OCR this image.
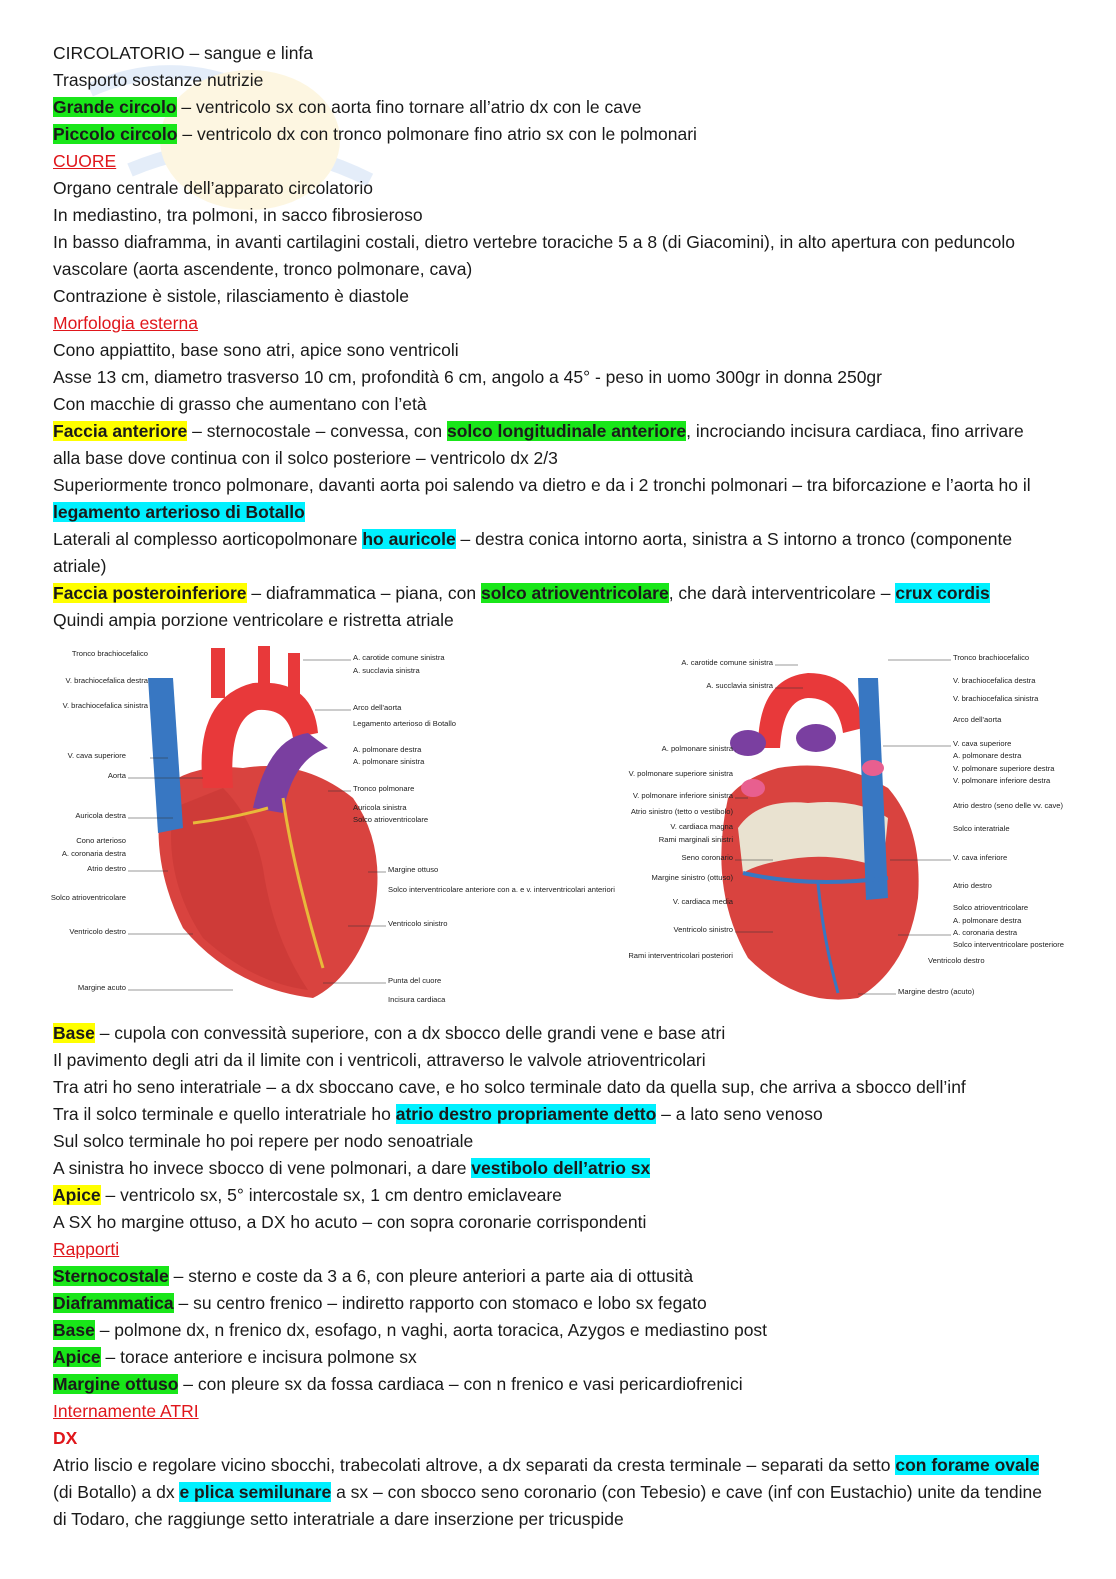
CIRCOLATORIO – sangue e linfa
Trasporto sostanze nutrizie
Grande circolo – ventricolo sx con aorta fino tornare all’atrio dx con le cave
Piccolo circolo – ventricolo dx con tronco polmonare fino atrio sx con le polmonari
CUORE
Organo centrale dell’apparato circolatorio
In mediastino, tra polmoni, in sacco fibrosieroso
In basso diaframma, in avanti cartilagini costali, dietro vertebre toraciche 5 a 8 (di Giacomini), in alto apertura con peduncolo vascolare (aorta ascendente, tronco polmonare, cava)
Contrazione è sistole, rilasciamento è diastole
Morfologia esterna
Cono appiattito, base sono atri, apice sono ventricoli
Asse 13 cm, diametro trasverso 10 cm, profondità 6 cm, angolo a 45° - peso in uomo 300gr in donna 250gr
Con macchie di grasso che aumentano con l’età
Faccia anteriore – sternocostale – convessa, con solco longitudinale anteriore, incrociando incisura cardiaca, fino arrivare alla base dove continua con il solco posteriore – ventricolo dx 2/3
Superiormente tronco polmonare, davanti aorta poi salendo va dietro e da i 2 tronchi polmonari – tra biforcazione e l’aorta ho il legamento arterioso di Botallo
Laterali al complesso aorticopolmonare ho auricole – destra conica intorno aorta, sinistra a S intorno a tronco (componente atriale)
Faccia posteroinferiore – diaframmatica – piana, con solco atrioventricolare, che darà interventricolare – crux cordis
Quindi ampia porzione ventricolare e ristretta atriale
Tronco brachiocefalico
V. brachiocefalica destra
V. brachiocefalica sinistra
V. cava superiore
Aorta
Auricola destra
Cono arterioso
A. coronaria destra
Atrio destro
Solco atrioventricolare
Ventricolo destro
Margine acuto
A. carotide comune sinistra
A. succlavia sinistra
Arco dell'aorta
Legamento arterioso di Botallo
A. polmonare destra
A. polmonare sinistra
Tronco polmonare
Auricola sinistra
Solco atrioventricolare
Margine ottuso
Solco interventricolare anteriore con a. e v. interventricolari anteriori
Ventricolo sinistro
Punta del cuore
Incisura cardiaca
A. carotide comune sinistra
A. succlavia sinistra
A. polmonare sinistra
V. polmonare superiore sinistra
V. polmonare inferiore sinistra
Atrio sinistro (tetto o vestibolo)
V. cardiaca magna
Rami marginali sinistri
Seno coronario
Margine sinistro (ottuso)
V. cardiaca media
Ventricolo sinistro
Rami interventricolari posteriori
Tronco brachiocefalico
V. brachiocefalica destra
V. brachiocefalica sinistra
Arco dell'aorta
V. cava superiore
A. polmonare destra
V. polmonare superiore destra
V. polmonare inferiore destra
Atrio destro (seno delle vv. cave)
Solco interatriale
V. cava inferiore
Atrio destro
Solco atrioventricolare
A. polmonare destra
A. coronaria destra
Solco interventricolare posteriore
Ventricolo destro
Margine destro (acuto)
Base – cupola con convessità superiore, con a dx sbocco delle grandi vene e base atri
Il pavimento degli atri da il limite con i ventricoli, attraverso le valvole atrioventricolari
Tra atri ho seno interatriale – a dx sboccano cave, e ho solco terminale dato da quella sup, che arriva a sbocco dell’inf
Tra il solco terminale e quello interatriale ho atrio destro propriamente detto – a lato seno venoso
Sul solco terminale ho poi repere per nodo senoatriale
A sinistra ho invece sbocco di vene polmonari, a dare vestibolo dell’atrio sx
Apice – ventricolo sx, 5° intercostale sx, 1 cm dentro emiclaveare
A SX ho margine ottuso, a DX ho acuto – con sopra coronarie corrispondenti
Rapporti
Sternocostale – sterno e coste da 3 a 6, con pleure anteriori a parte aia di ottusità
Diaframmatica – su centro frenico – indiretto rapporto con stomaco e lobo sx fegato
Base – polmone dx, n frenico dx, esofago, n vaghi, aorta toracica, Azygos e mediastino post
Apice – torace anteriore e incisura polmone sx
Margine ottuso – con pleure sx da fossa cardiaca – con n frenico e vasi pericardiofrenici
Internamente ATRI
DX
Atrio liscio e regolare vicino sbocchi, trabecolati altrove, a dx separati da cresta terminale – separati da setto con forame ovale (di Botallo) a dx e plica semilunare a sx – con sbocco seno coronario (con Tebesio) e cave (inf con Eustachio) unite da tendine di Todaro, che raggiunge setto interatriale a dare inserzione per tricuspide
